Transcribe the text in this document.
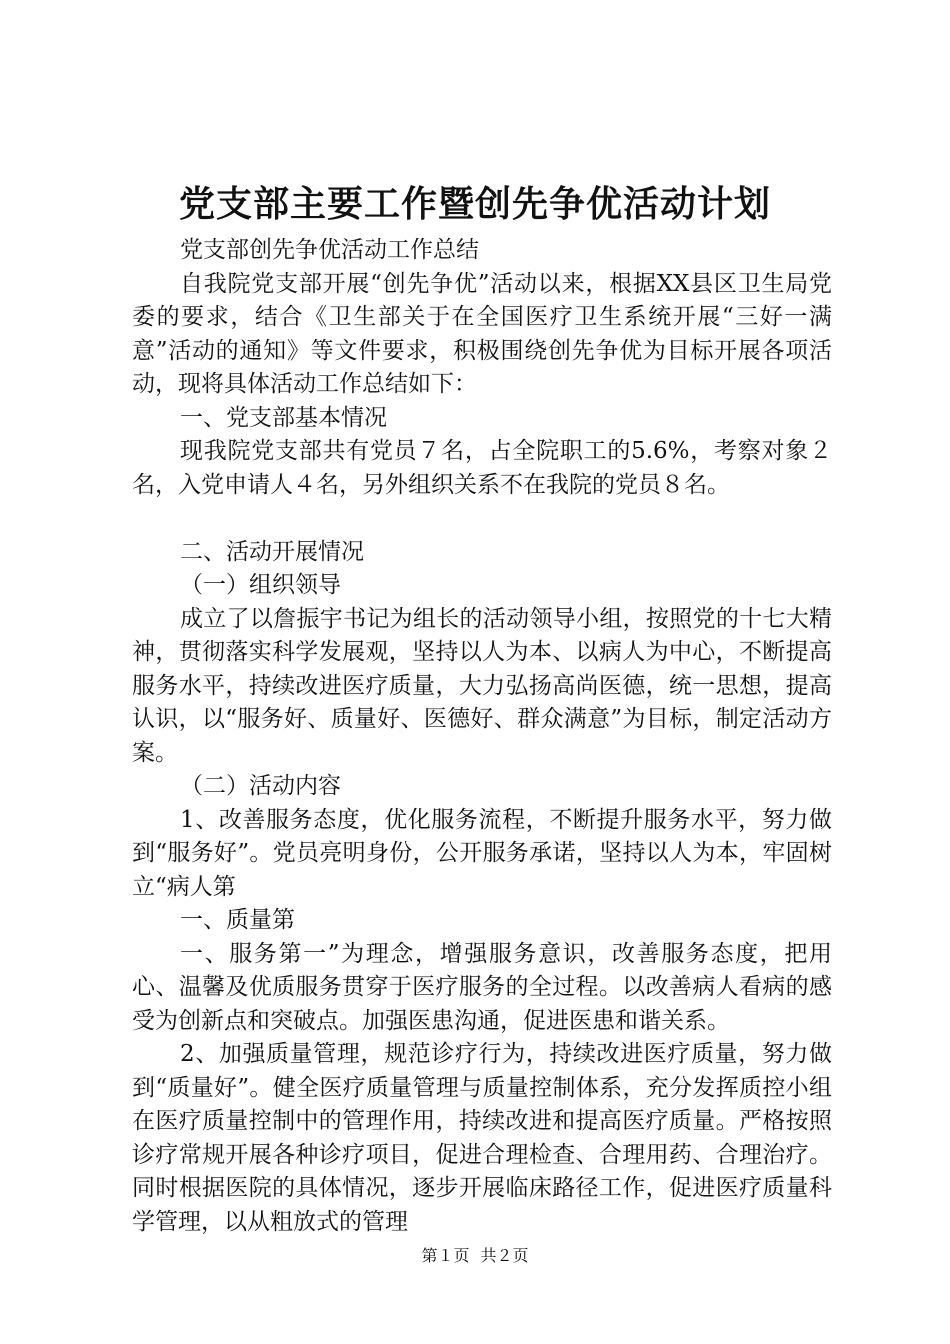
党支部主要工作暨创先争优活动计划

党支部创先争优活动工作总结

自我院党支部开展“创先争优”活动以来，根据XX县区卫生局党委的要求，结合《卫生部关于在全国医疗卫生系统开展“三好一满意”活动的通知》等文件要求，积极围绕创先争优为目标开展各项活动，现将具体活动工作总结如下：

一、党支部基本情况

现我院党支部共有党员７名，占全院职工的5.6%，考察对象２名，入党申请人４名，另外组织关系不在我院的党员８名。

二、活动开展情况

（一）组织领导

成立了以詹振宇书记为组长的活动领导小组，按照党的十七大精神，贯彻落实科学发展观，坚持以人为本、以病人为中心，不断提高服务水平，持续改进医疗质量，大力弘扬高尚医德，统一思想，提高认识，以“服务好、质量好、医德好、群众满意”为目标，制定活动方案。

（二）活动内容

1、改善服务态度，优化服务流程，不断提升服务水平，努力做到“服务好”。党员亮明身份，公开服务承诺，坚持以人为本，牢固树立“病人第

一、质量第

一、服务第一”为理念，增强服务意识，改善服务态度，把用心、温馨及优质服务贯穿于医疗服务的全过程。以改善病人看病的感受为创新点和突破点。加强医患沟通，促进医患和谐关系。

2、加强质量管理，规范诊疗行为，持续改进医疗质量，努力做到“质量好”。健全医疗质量管理与质量控制体系，充分发挥质控小组在医疗质量控制中的管理作用，持续改进和提高医疗质量。严格按照诊疗常规开展各种诊疗项目，促进合理检查、合理用药、合理治疗。同时根据医院的具体情况，逐步开展临床路径工作，促进医疗质量科学管理，以从粗放式的管理

第１页 共２页
